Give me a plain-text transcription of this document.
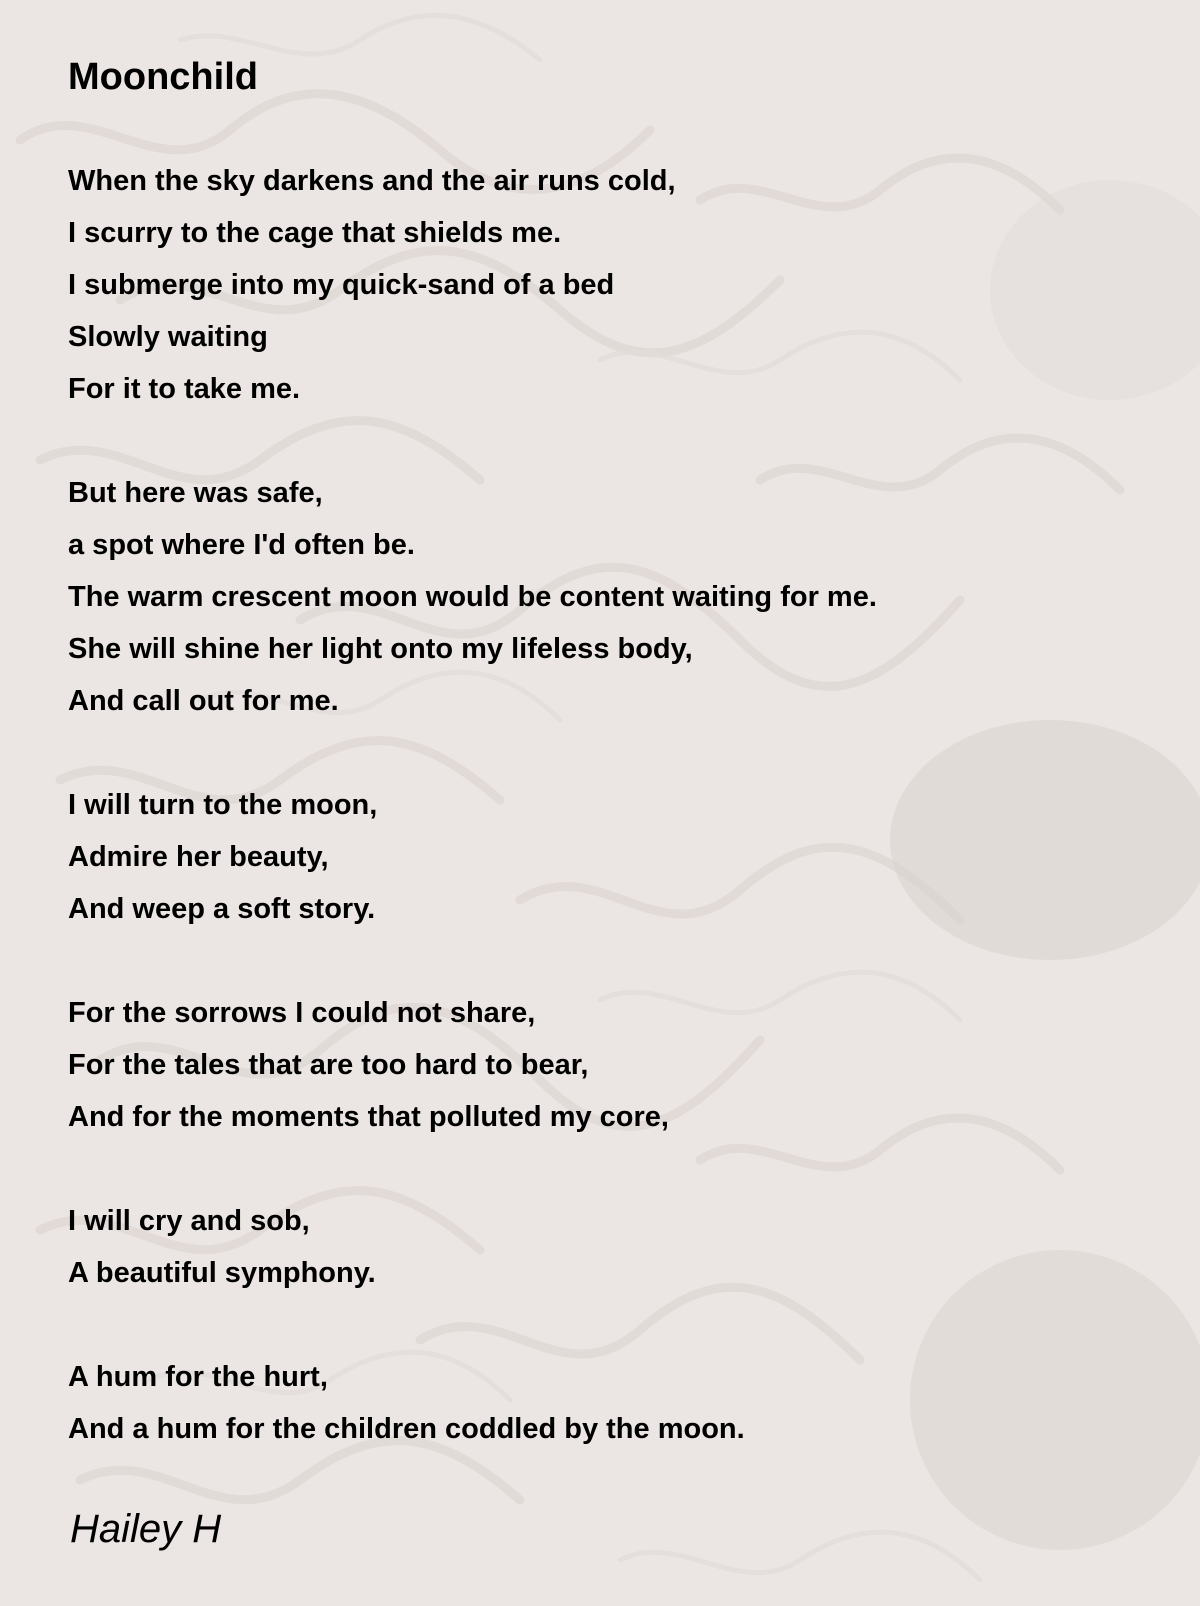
Moonchild
When the sky darkens and the air runs cold,
I scurry to the cage that shields me.
I submerge into my quick-sand of a bed
Slowly waiting
For it to take me.
But here was safe,
a spot where I'd often be.
The warm crescent moon would be content waiting for me.
She will shine her light onto my lifeless body,
And call out for me.
I will turn to the moon,
Admire her beauty,
And weep a soft story.
For the sorrows I could not share,
For the tales that are too hard to bear,
And for the moments that polluted my core,
I will cry and sob,
A beautiful symphony.
A hum for the hurt,
And a hum for the children coddled by the moon.
Hailey H
